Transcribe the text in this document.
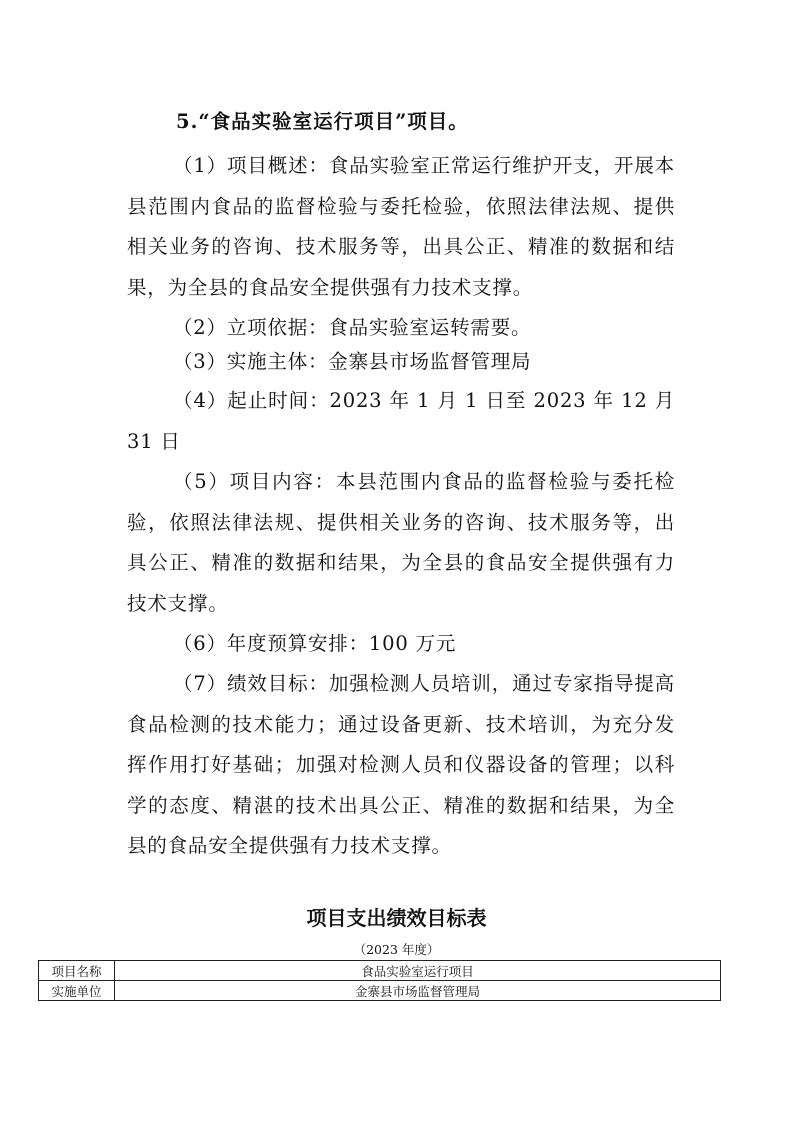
5.“食品实验室运行项目”项目。

（1）项目概述：食品实验室正常运行维护开支，开展本县范围内食品的监督检验与委托检验，依照法律法规、提供相关业务的咨询、技术服务等，出具公正、精准的数据和结果，为全县的食品安全提供强有力技术支撑。

（2）立项依据：食品实验室运转需要。

（3）实施主体：金寨县市场监督管理局

（4）起止时间：2023 年 1 月 1 日至 2023 年 12 月 31 日

（5）项目内容：本县范围内食品的监督检验与委托检验，依照法律法规、提供相关业务的咨询、技术服务等，出具公正、精准的数据和结果，为全县的食品安全提供强有力技术支撑。

（6）年度预算安排：100 万元

（7）绩效目标：加强检测人员培训，通过专家指导提高食品检测的技术能力；通过设备更新、技术培训，为充分发挥作用打好基础；加强对检测人员和仪器设备的管理；以科学的态度、精湛的技术出具公正、精准的数据和结果，为全县的食品安全提供强有力技术支撑。

项目支出绩效目标表
（2023 年度）
项目名称	食品实验室运行项目
实施单位	金寨县市场监督管理局
